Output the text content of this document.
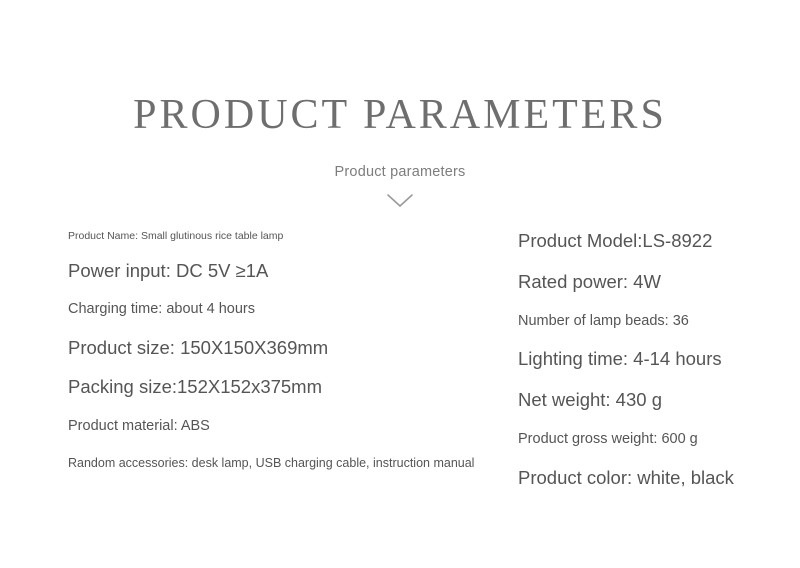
PRODUCT PARAMETERS
Product parameters
Product Name: Small glutinous rice table lamp
Power input: DC 5V ≥1A
Charging time: about 4 hours
Product size: 150X150X369mm
Packing size:152X152x375mm
Product material: ABS
Random accessories: desk lamp, USB charging cable, instruction manual
Product Model:LS-8922
Rated power: 4W
Number of lamp beads: 36
Lighting time: 4-14 hours
Net weight: 430 g
Product gross weight: 600 g
Product color: white, black
